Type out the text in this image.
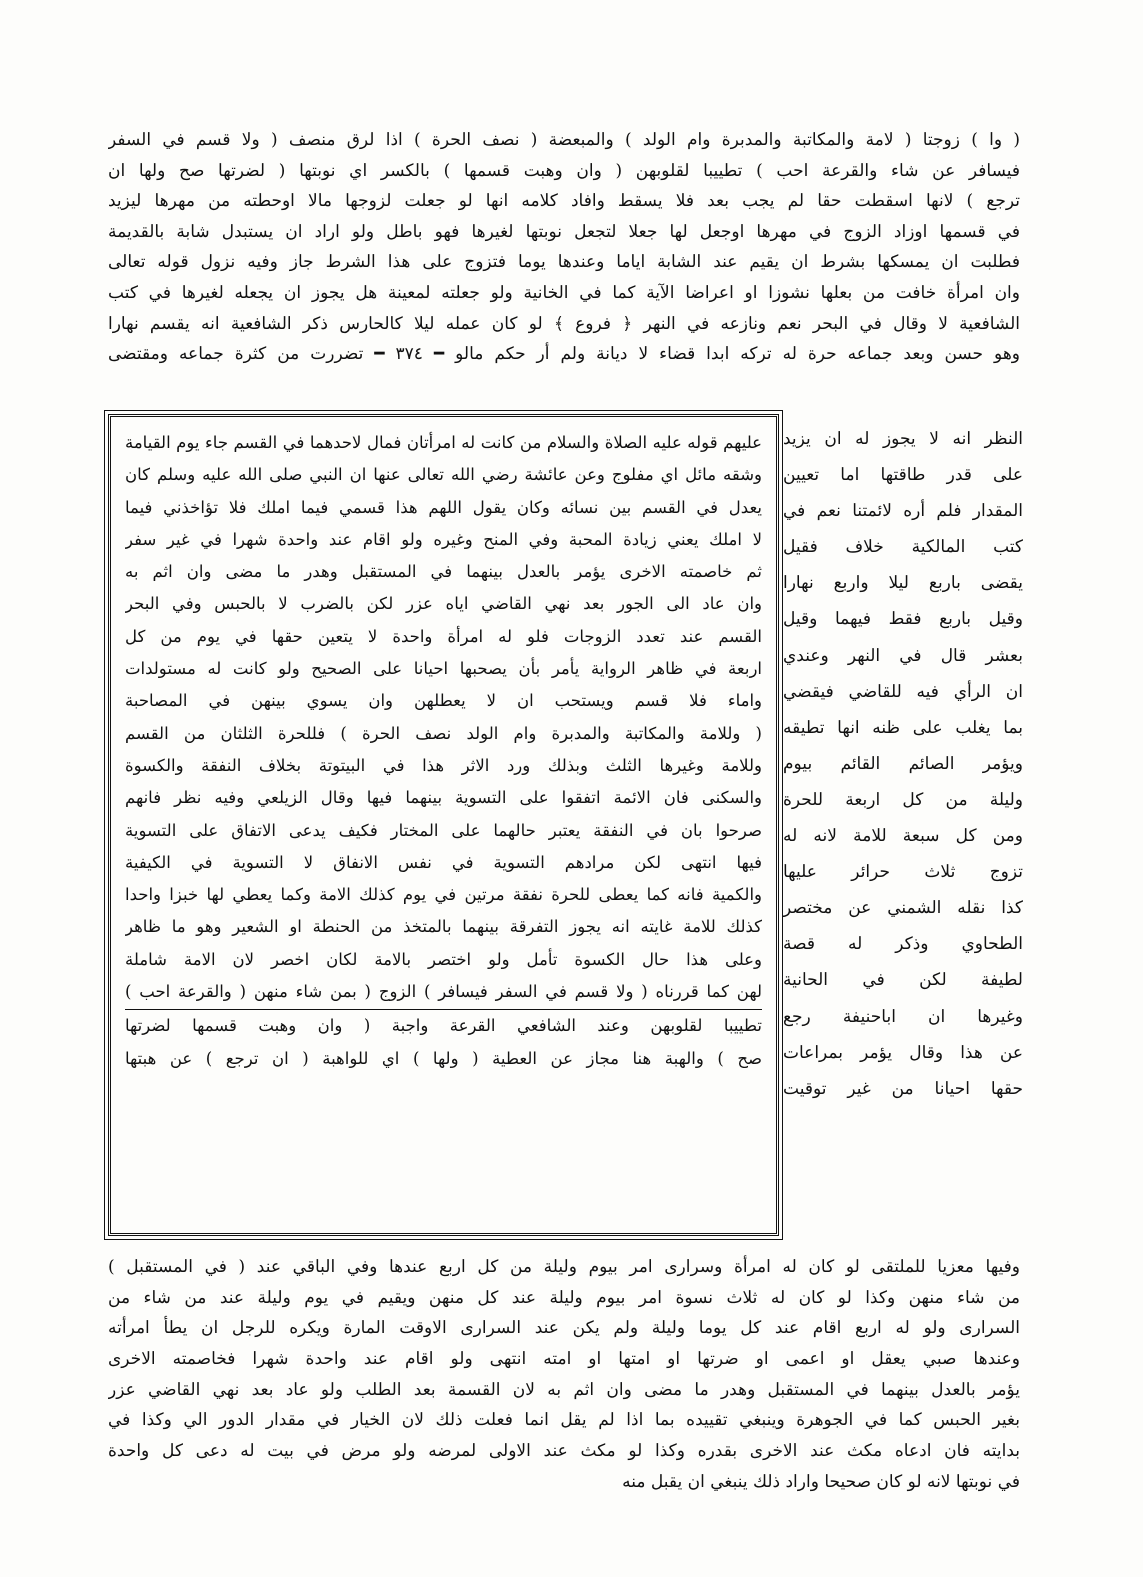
( وا ) زوجتا ( لامة والمكاتبة والمدبرة وام الولد ) والمبعضة ( نصف الحرة ) اذا لرق منصف ( ولا قسم في السفر
فيسافر عن شاء والقرعة احب ) تطييبا لقلوبهن ( وان وهبت قسمها ) بالكسر اي نوبتها ( لضرتها صح ولها ان
ترجع ) لانها اسقطت حقا لم يجب بعد فلا يسقط وافاد كلامه انها لو جعلت لزوجها مالا اوحطته من مهرها ليزيد
في قسمها اوزاد الزوج في مهرها اوجعل لها جعلا لتجعل نوبتها لغيرها فهو باطل ولو اراد ان يستبدل شابة بالقديمة
فطلبت ان يمسكها بشرط ان يقيم عند الشابة اياما وعندها يوما فتزوج على هذا الشرط جاز وفيه نزول قوله تعالى
وان امرأة خافت من بعلها نشوزا او اعراضا الآية كما في الخانية ولو جعلته لمعينة هل يجوز ان يجعله لغيرها في كتب
الشافعية لا وقال في البحر نعم ونازعه في النهر ﴿ فروع ﴾ لو كان عمله ليلا كالحارس ذكر الشافعية انه يقسم نهارا
وهو حسن وبعد جماعه حرة له تركه ابدا قضاء لا ديانة ولم أر حكم مالو ━ ٣٧٤ ━ تضررت من كثرة جماعه ومقتضى
النظر انه لا يجوز له ان يزيد
على قدر طاقتها اما تعيين
المقدار فلم أره لائمتنا نعم في
كتب المالكية خلاف فقيل
يقضى باربع ليلا واربع نهارا
وقيل باربع فقط فيهما وقيل
بعشر قال في النهر وعندي
ان الرأي فيه للقاضي فيقضي
بما يغلب على ظنه انها تطيقه
ويؤمر الصائم القائم بيوم
وليلة من كل اربعة للحرة
ومن كل سبعة للامة لانه له
تزوج ثلاث حرائر عليها
كذا نقله الشمني عن مختصر
الطحاوي وذكر له قصة
لطيفة لكن في الحانية
وغيرها ان اباحنيفة رجع
عن هذا وقال يؤمر بمراعات
حقها احيانا من غير توقيت
عليهم قوله عليه الصلاة والسلام من كانت له امرأتان فمال لاحدهما في القسم جاء يوم القيامة
وشقه مائل اي مفلوج وعن عائشة رضي الله تعالى عنها ان النبي صلى الله عليه وسلم كان
يعدل في القسم بين نسائه وكان يقول اللهم هذا قسمي فيما املك فلا تؤاخذني فيما
لا املك يعني زيادة المحبة وفي المنح وغيره ولو اقام عند واحدة شهرا في غير سفر
ثم خاصمته الاخرى يؤمر بالعدل بينهما في المستقبل وهدر ما مضى وان اثم به
وان عاد الى الجور بعد نهي القاضي اياه عزر لكن بالضرب لا بالحبس وفي البحر
القسم عند تعدد الزوجات فلو له امرأة واحدة لا يتعين حقها في يوم من كل
اربعة في ظاهر الرواية يأمر بأن يصحبها احيانا على الصحيح ولو كانت له مستولدات
واماء فلا قسم ويستحب ان لا يعطلهن وان يسوي بينهن في المصاحبة
( وللامة والمكاتبة والمدبرة وام الولد نصف الحرة ) فللحرة الثلثان من القسم
وللامة وغيرها الثلث وبذلك ورد الاثر هذا في البيتوتة بخلاف النفقة والكسوة
والسكنى فان الائمة اتفقوا على التسوية بينهما فيها وقال الزيلعي وفيه نظر فانهم
صرحوا بان في النفقة يعتبر حالهما على المختار فكيف يدعى الاتفاق على التسوية
فيها انتهى لكن مرادهم التسوية في نفس الانفاق لا التسوية في الكيفية
والكمية فانه كما يعطى للحرة نفقة مرتين في يوم كذلك الامة وكما يعطي لها خبزا واحدا
كذلك للامة غايته انه يجوز التفرقة بينهما بالمتخذ من الحنطة او الشعير وهو ما ظاهر
وعلى هذا حال الكسوة تأمل ولو اختصر بالامة لكان اخصر لان الامة شاملة
لهن كما قررناه ( ولا قسم في السفر فيسافر ) الزوج ( بمن شاء منهن ( والقرعة احب )
تطييبا لقلوبهن وعند الشافعي القرعة واجبة ( وان وهبت قسمها لضرتها
صح ) والهبة هنا مجاز عن العطية ( ولها ) اي للواهبة ( ان ترجع ) عن هبتها
وفيها معزيا للملتقى لو كان له امرأة وسرارى امر بيوم وليلة من كل اربع عندها وفي الباقي عند ( في المستقبل )
من شاء منهن وكذا لو كان له ثلاث نسوة امر بيوم وليلة عند كل منهن ويقيم في يوم وليلة عند من شاء من
السرارى ولو له اربع اقام عند كل يوما وليلة ولم يكن عند السرارى الاوقت المارة ويكره للرجل ان يطأ امرأته
وعندها صبي يعقل او اعمى او ضرتها او امتها او امته انتهى ولو اقام عند واحدة شهرا فخاصمته الاخرى
يؤمر بالعدل بينهما في المستقبل وهدر ما مضى وان اثم به لان القسمة بعد الطلب ولو عاد بعد نهي القاضي عزر
بغير الحبس كما في الجوهرة وينبغي تقييده بما اذا لم يقل انما فعلت ذلك لان الخيار في مقدار الدور الي وكذا في
بدايته فان ادعاه مكث عند الاخرى بقدره وكذا لو مكث عند الاولى لمرضه ولو مرض في بيت له دعى كل واحدة
في نوبتها لانه لو كان صحيحا واراد ذلك ينبغي ان يقبل منه
